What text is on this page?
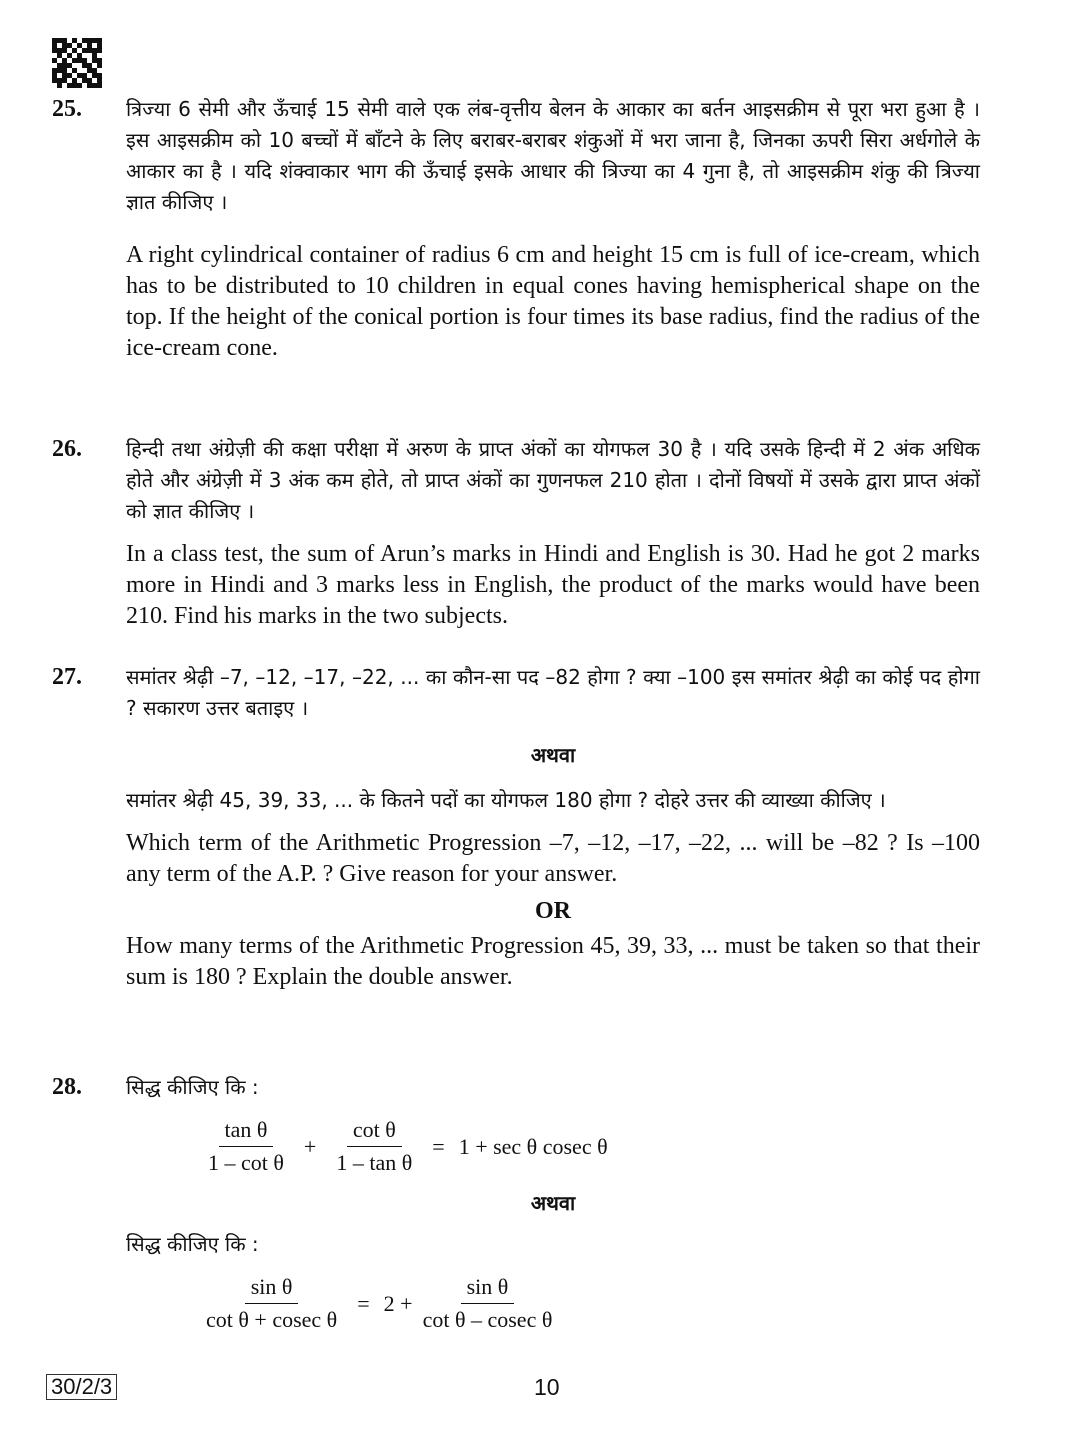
25.	त्रिज्या 6 सेमी और ऊँचाई 15 सेमी वाले एक लंब-वृत्तीय बेलन के आकार का बर्तन आइसक्रीम से पूरा भरा हुआ है । इस आइसक्रीम को 10 बच्चों में बाँटने के लिए बराबर-बराबर शंकुओं में भरा जाना है, जिनका ऊपरी सिरा अर्धगोले के आकार का है । यदि शंक्वाकार भाग की ऊँचाई इसके आधार की त्रिज्या का 4 गुना है, तो आइसक्रीम शंकु की त्रिज्या ज्ञात कीजिए ।

A right cylindrical container of radius 6 cm and height 15 cm is full of ice-cream, which has to be distributed to 10 children in equal cones having hemispherical shape on the top. If the height of the conical portion is four times its base radius, find the radius of the ice-cream cone.

26.	हिन्दी तथा अंग्रेज़ी की कक्षा परीक्षा में अरुण के प्राप्त अंकों का योगफल 30 है । यदि उसके हिन्दी में 2 अंक अधिक होते और अंग्रेज़ी में 3 अंक कम होते, तो प्राप्त अंकों का गुणनफल 210 होता । दोनों विषयों में उसके द्वारा प्राप्त अंकों को ज्ञात कीजिए ।

In a class test, the sum of Arun’s marks in Hindi and English is 30. Had he got 2 marks more in Hindi and 3 marks less in English, the product of the marks would have been 210. Find his marks in the two subjects.

27.	समांतर श्रेढ़ी –7, –12, –17, –22, ... का कौन-सा पद –82 होगा ? क्या –100 इस समांतर श्रेढ़ी का कोई पद होगा ? सकारण उत्तर बताइए ।

अथवा

समांतर श्रेढ़ी 45, 39, 33, ... के कितने पदों का योगफल 180 होगा ? दोहरे उत्तर की व्याख्या कीजिए ।

Which term of the Arithmetic Progression –7, –12, –17, –22, ... will be –82 ? Is –100 any term of the A.P. ? Give reason for your answer.

OR

How many terms of the Arithmetic Progression 45, 39, 33, ... must be taken so that their sum is 180 ? Explain the double answer.

28.	सिद्ध कीजिए कि :

$\frac{\text{tan θ}}{\text{1 – cot θ}} + \frac{\text{cot θ}}{\text{1 – tan θ}} = 1 + \sec \theta$ cosec θ
अथवा

सिद्ध कीजिए कि :

$\frac{\text{sin θ}}{\text{cot θ + cosec θ}} = 2 + \frac{\text{sin θ}}{\text{cot θ – cosec θ}}$
30/2/3	10
